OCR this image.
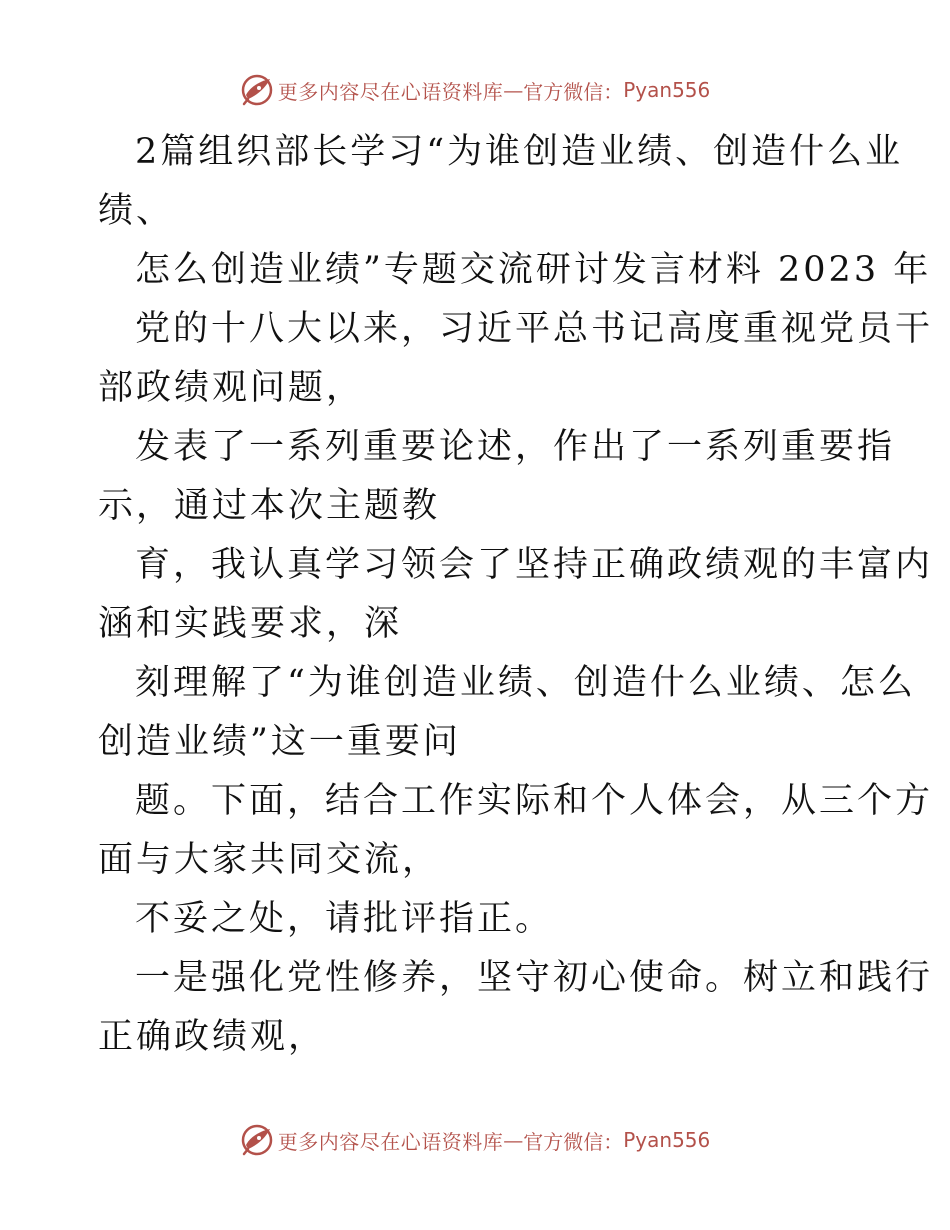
更多内容尽在心语资料库 — 官方微信： Pyan556
2篇组织部长学习“为谁创造业绩、创造什么业
绩、
怎么创造业绩”专题交流研讨发言材料 2023 年
党的十八大以来，习近平总书记高度重视党员干
部政绩观问题，
发表了一系列重要论述，作出了一系列重要指
示，通过本次主题教
育，我认真学习领会了坚持正确政绩观的丰富内
涵和实践要求，深
刻理解了“为谁创造业绩、创造什么业绩、怎么
创造业绩”这一重要问
题。下面，结合工作实际和个人体会，从三个方
面与大家共同交流，
不妥之处，请批评指正。
一是强化党性修养，坚守初心使命。树立和践行
正确政绩观，
更多内容尽在心语资料库 — 官方微信： Pyan556
